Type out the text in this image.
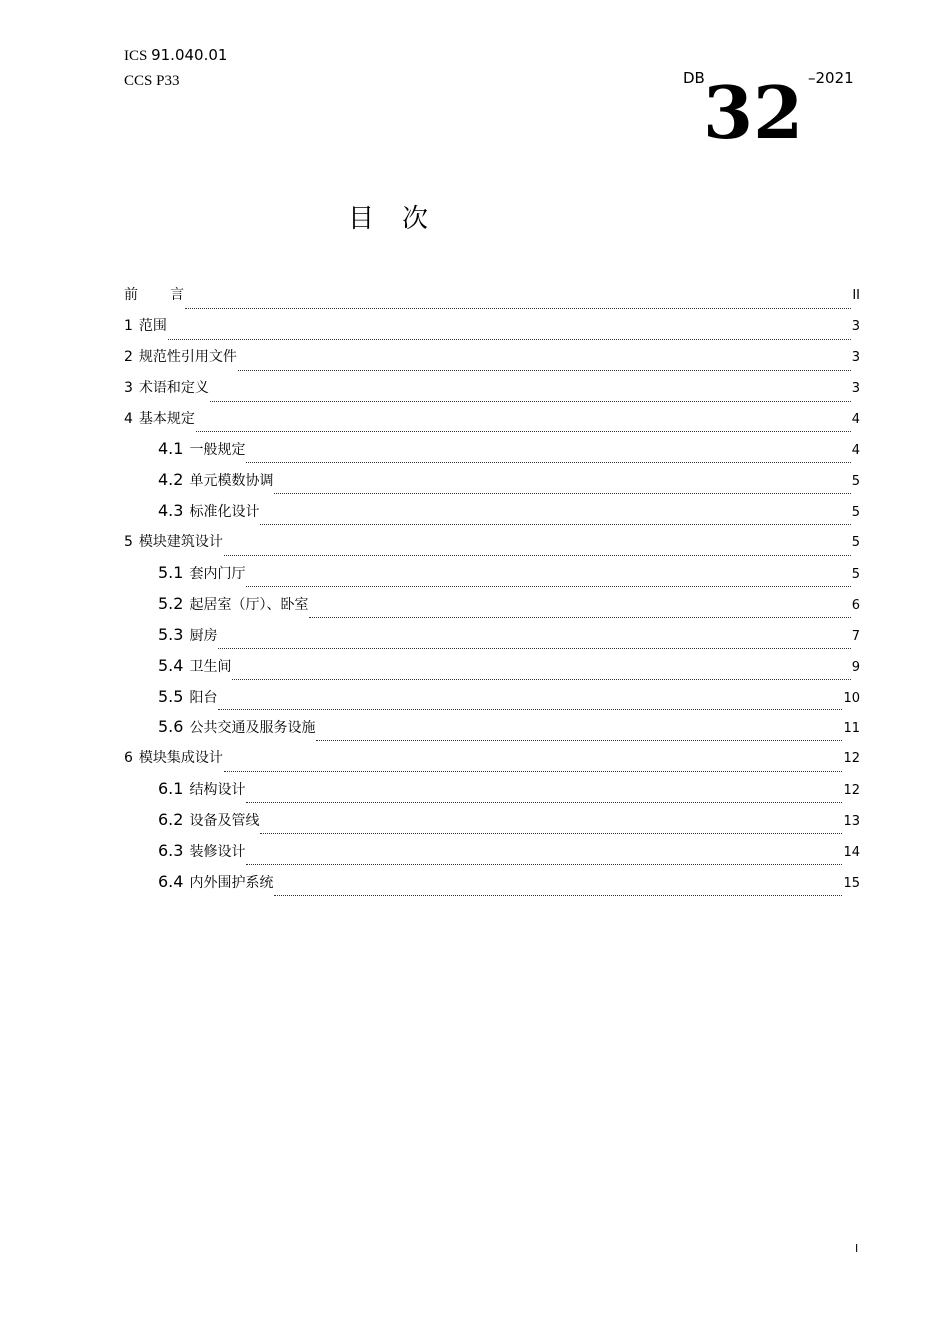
ICS 91.040.01
CCS P33	DB
32 –2021
目 次
前 言	II
1 范围	3
2 规范性引用文件	3
3 术语和定义	3
4 基本规定	4
4.1 一般规定	4
4.2 单元模数协调	5
4.3 标准化设计	5
5 模块建筑设计	5
5.1 套内门厅	5
5.2 起居室（厅）、卧室	6
5.3 厨房	7
5.4 卫生间	9
5.5 阳台	10
5.6 公共交通及服务设施	11
6 模块集成设计	12
6.1 结构设计	12
6.2 设备及管线	13
6.3 装修设计	14
6.4 内外围护系统	15
I
